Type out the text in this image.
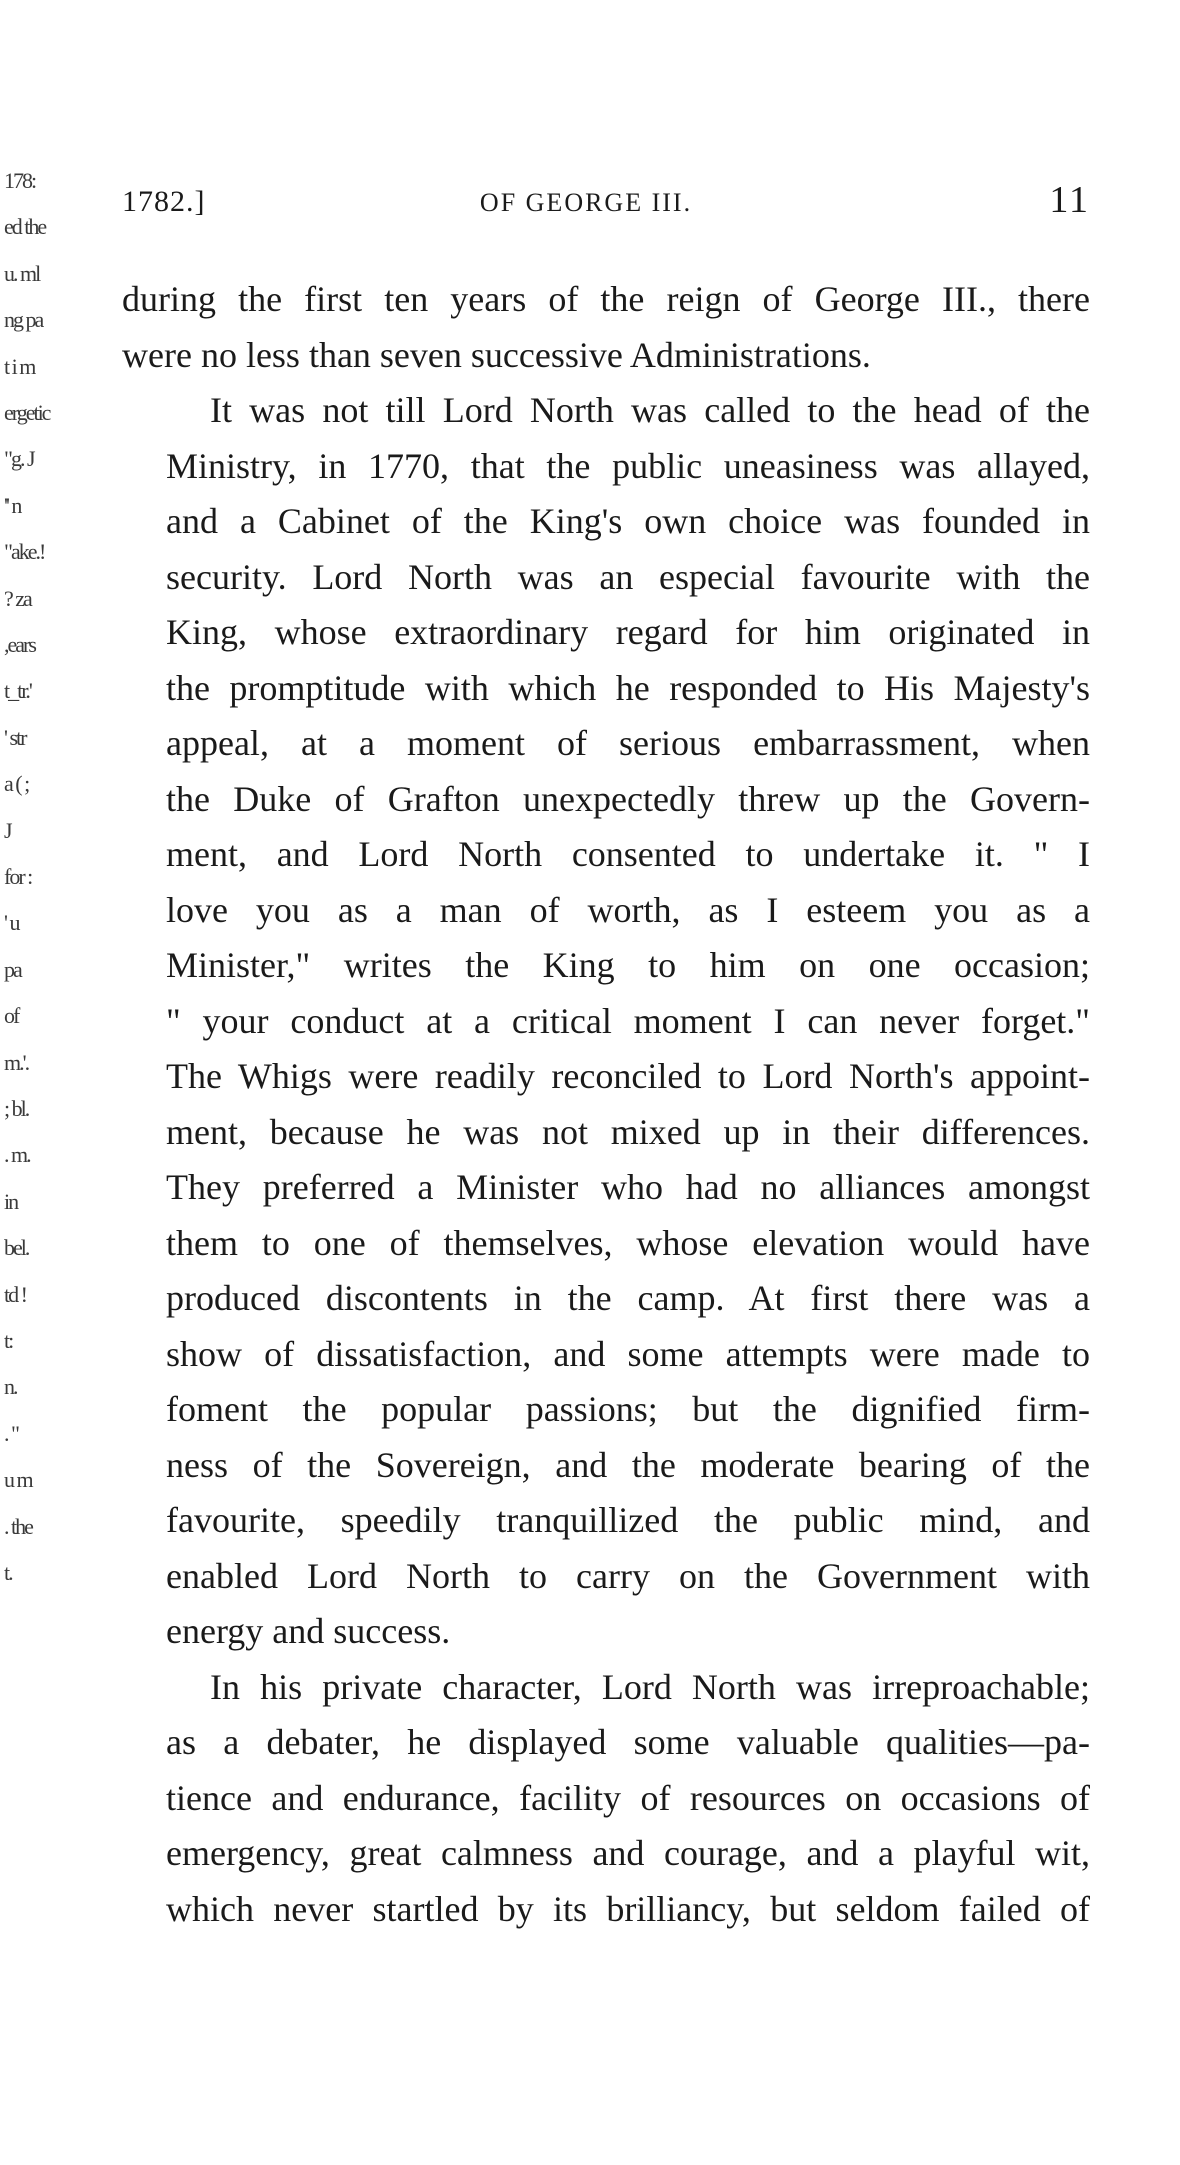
178:
ed the
u. ml
ng pa
t i m
ergetic
"g. J
'' n
"ake.!
? za
,ears
t_tr.'
' str
a ( ;
J
for :
' u
pa
of
m.'.
; bl.
. m.
in
bel.
td !
t:
n.
. "
u m
. the
t.
1782.]	OF GEORGE III.	11
during the first ten years of the reign of George III., there
were no less than seven successive Administrations.
It was not till Lord North was called to the head of the
Ministry, in 1770, that the public uneasiness was allayed,
and a Cabinet of the King's own choice was founded in
security. Lord North was an especial favourite with the
King, whose extraordinary regard for him originated in
the promptitude with which he responded to His Majesty's
appeal, at a moment of serious embarrassment, when
the Duke of Grafton unexpectedly threw up the Govern-
ment, and Lord North consented to undertake it. " I
love you as a man of worth, as I esteem you as a
Minister," writes the King to him on one occasion;
" your conduct at a critical moment I can never forget."
The Whigs were readily reconciled to Lord North's appoint-
ment, because he was not mixed up in their differences.
They preferred a Minister who had no alliances amongst
them to one of themselves, whose elevation would have
produced discontents in the camp. At first there was a
show of dissatisfaction, and some attempts were made to
foment the popular passions; but the dignified firm-
ness of the Sovereign, and the moderate bearing of the
favourite, speedily tranquillized the public mind, and
enabled Lord North to carry on the Government with
energy and success.
In his private character, Lord North was irreproachable;
as a debater, he displayed some valuable qualities—pa-
tience and endurance, facility of resources on occasions of
emergency, great calmness and courage, and a playful wit,
which never startled by its brilliancy, but seldom failed of
